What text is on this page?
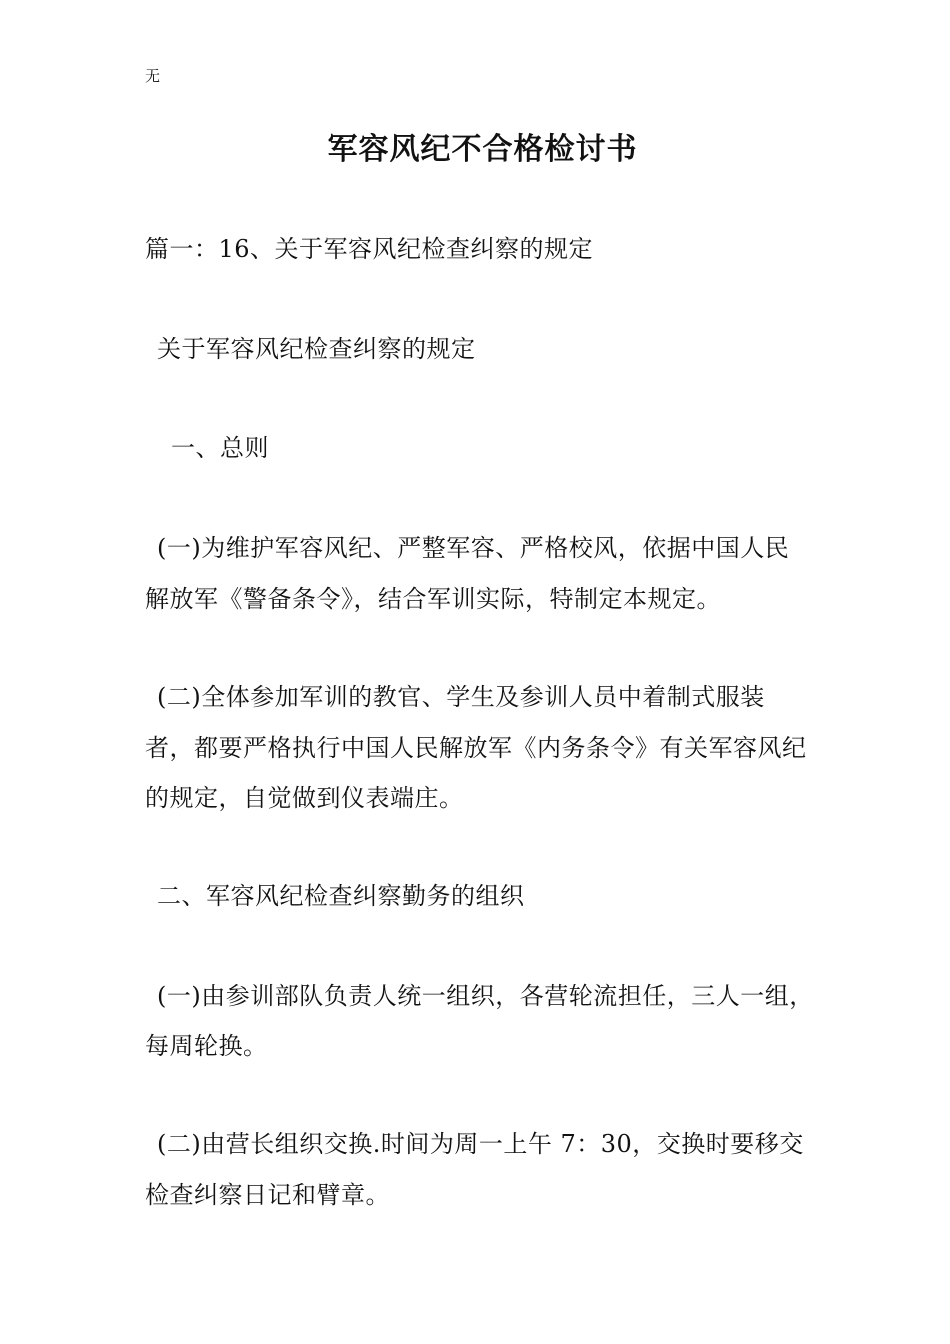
无
军容风纪不合格检讨书
篇一：16、关于军容风纪检查纠察的规定
关于军容风纪检查纠察的规定
一、总则
(一)为维护军容风纪、严整军容、严格校风，依据中国人民
解放军《警备条令》，结合军训实际，特制定本规定。
(二)全体参加军训的教官、学生及参训人员中着制式服装
者，都要严格执行中国人民解放军《内务条令》有关军容风纪
的规定，自觉做到仪表端庄。
二、军容风纪检查纠察勤务的组织
(一)由参训部队负责人统一组织，各营轮流担任，三人一组，
每周轮换。
(二)由营长组织交换.时间为周一上午 7：30，交换时要移交
检查纠察日记和臂章。
